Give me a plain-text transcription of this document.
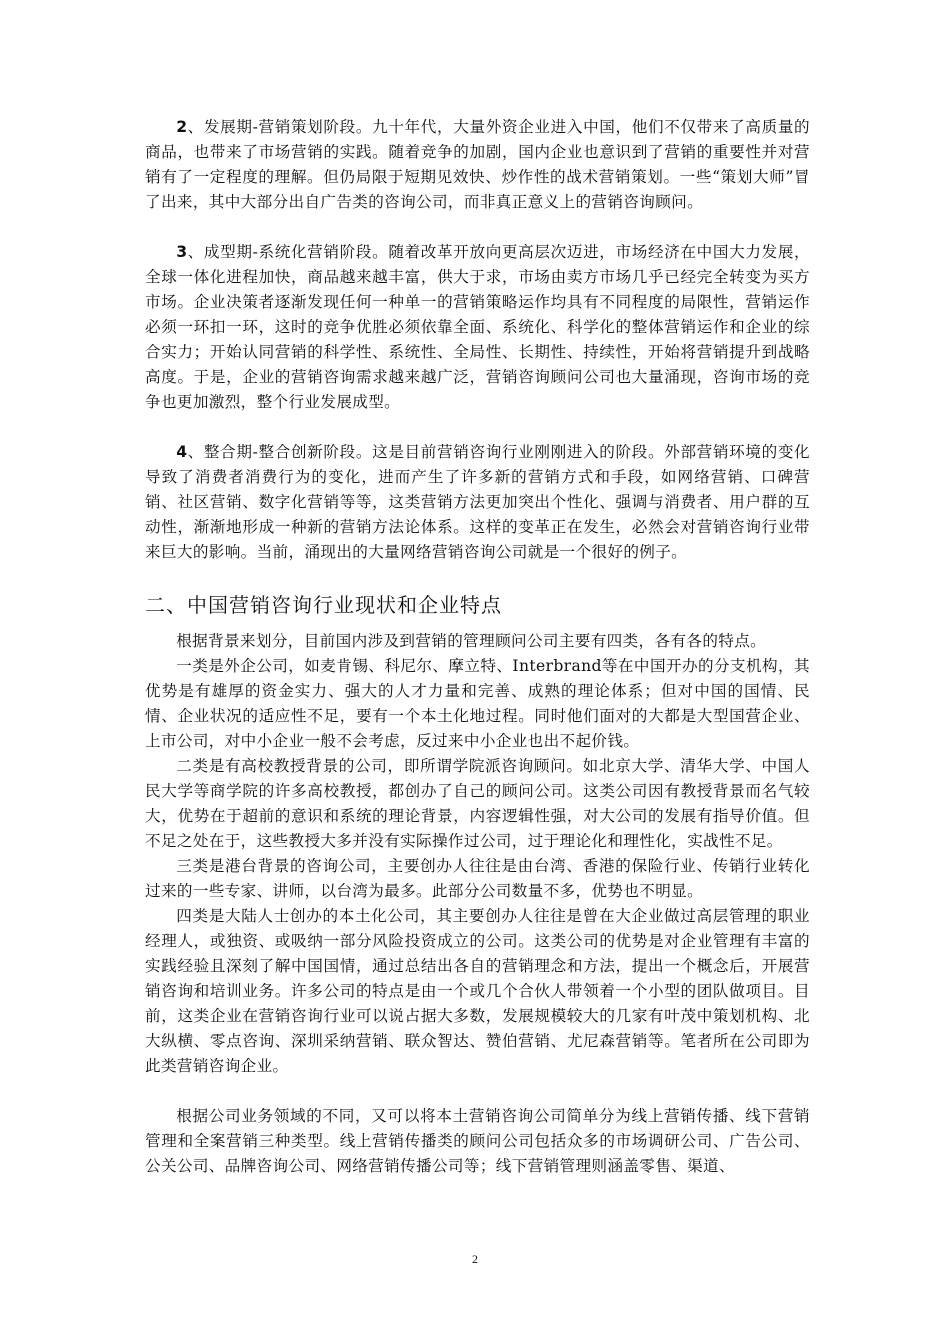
2、发展期-营销策划阶段。九十年代，大量外资企业进入中国，他们不仅带来了高质量的商品，也带来了市场营销的实践。随着竞争的加剧，国内企业也意识到了营销的重要性并对营销有了一定程度的理解。但仍局限于短期见效快、炒作性的战术营销策划。一些“策划大师”冒了出来，其中大部分出自广告类的咨询公司，而非真正意义上的营销咨询顾问。

3、成型期-系统化营销阶段。随着改革开放向更高层次迈进，市场经济在中国大力发展，全球一体化进程加快，商品越来越丰富，供大于求，市场由卖方市场几乎已经完全转变为买方市场。企业决策者逐渐发现任何一种单一的营销策略运作均具有不同程度的局限性，营销运作必须一环扣一环，这时的竞争优胜必须依靠全面、系统化、科学化的整体营销运作和企业的综合实力；开始认同营销的科学性、系统性、全局性、长期性、持续性，开始将营销提升到战略高度。于是，企业的营销咨询需求越来越广泛，营销咨询顾问公司也大量涌现，咨询市场的竞争也更加激烈，整个行业发展成型。

4、整合期-整合创新阶段。这是目前营销咨询行业刚刚进入的阶段。外部营销环境的变化导致了消费者消费行为的变化，进而产生了许多新的营销方式和手段，如网络营销、口碑营销、社区营销、数字化营销等等，这类营销方法更加突出个性化、强调与消费者、用户群的互动性，渐渐地形成一种新的营销方法论体系。这样的变革正在发生，必然会对营销咨询行业带来巨大的影响。当前，涌现出的大量网络营销咨询公司就是一个很好的例子。

二、中国营销咨询行业现状和企业特点

根据背景来划分，目前国内涉及到营销的管理顾问公司主要有四类，各有各的特点。

一类是外企公司，如麦肯锡、科尼尔、摩立特、Interbrand等在中国开办的分支机构，其优势是有雄厚的资金实力、强大的人才力量和完善、成熟的理论体系；但对中国的国情、民情、企业状况的适应性不足，要有一个本土化地过程。同时他们面对的大都是大型国营企业、上市公司，对中小企业一般不会考虑，反过来中小企业也出不起价钱。

二类是有高校教授背景的公司，即所谓学院派咨询顾问。如北京大学、清华大学、中国人民大学等商学院的许多高校教授，都创办了自己的顾问公司。这类公司因有教授背景而名气较大，优势在于超前的意识和系统的理论背景，内容逻辑性强，对大公司的发展有指导价值。但不足之处在于，这些教授大多并没有实际操作过公司，过于理论化和理性化，实战性不足。

三类是港台背景的咨询公司，主要创办人往往是由台湾、香港的保险行业、传销行业转化过来的一些专家、讲师，以台湾为最多。此部分公司数量不多，优势也不明显。

四类是大陆人士创办的本土化公司，其主要创办人往往是曾在大企业做过高层管理的职业经理人，或独资、或吸纳一部分风险投资成立的公司。这类公司的优势是对企业管理有丰富的实践经验且深刻了解中国国情，通过总结出各自的营销理念和方法，提出一个概念后，开展营销咨询和培训业务。许多公司的特点是由一个或几个合伙人带领着一个小型的团队做项目。目前，这类企业在营销咨询行业可以说占据大多数，发展规模较大的几家有叶茂中策划机构、北大纵横、零点咨询、深圳采纳营销、联众智达、赞伯营销、尤尼森营销等。笔者所在公司即为此类营销咨询企业。

根据公司业务领域的不同，又可以将本土营销咨询公司简单分为线上营销传播、线下营销管理和全案营销三种类型。线上营销传播类的顾问公司包括众多的市场调研公司、广告公司、公关公司、品牌咨询公司、网络营销传播公司等；线下营销管理则涵盖零售、渠道、

2
